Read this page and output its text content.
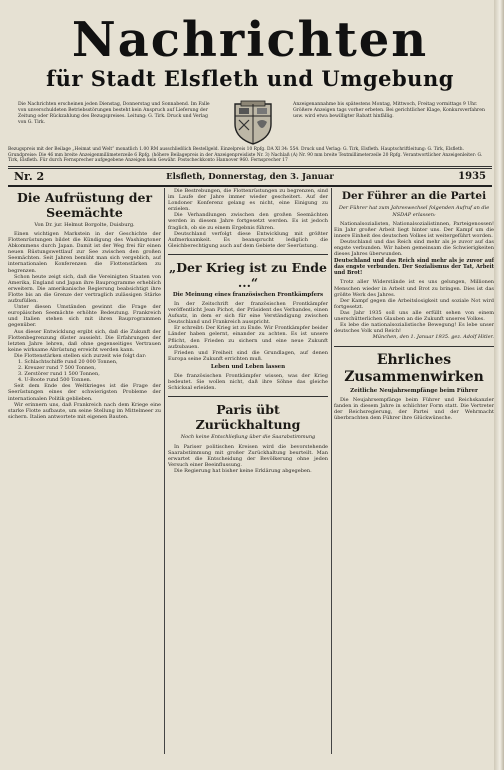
Nachrichten
für Stadt Elsfleth und Umgebung
Die Nachrichten erscheinen jeden Dienstag, Donnerstag und Sonnabend. Im Falle von unverschuldeten Betriebsstörungen besteht kein Anspruch auf Lieferung der Zeitung oder Rückzahlung des Bezugspreises. Leitung: G. Tirk. Druck und Verlag von G. Tirk.
Anzeigenannahme bis spätestens Montag, Mittwoch, Freitag vormittags 9 Uhr. Größere Anzeigen tags vorher erbeten. Bei gerichtlicher Klage, Konkursverfahren usw. wird etwa bewilligter Rabatt hinfällig.
Bezugspreis mit der Beilage „Heimat und Welt“ monatlich 1.00 RM ausschließlich Bestellgeld. Einzelpreis 10 Rpfg. DA XI 34: 554. Druck und Verlag: G. Tirk, Elsfleth. Hauptschriftleitung: G. Tirk, Elsfleth. Grundpreise: Die 46 mm breite Anzeigenmillimeterzeile 6 Rpfg. (höhere Beilagepreis in der Anzeigenpreisliste Nr. 3) Nachlaß (A) Nr. 90 mm breite Textmillimeterzeile 20 Rpfg. Verantwortlicher Anzeigenleiter: G. Tirk, Elsfleth. Für durch Fernsprecher aufgegebene Anzeigen kein Gewähr. Postscheckkonto Hannover 960. Fernsprecher 17
Nr. 2	Elsfleth, Donnerstag, den 3. Januar	1935
Die Aufrüstung der Seemächte
Von Dr. jur. Helmut Borgolte, Duisburg.

Einen wichtigen Markstein in der Geschichte der Flottenrüstungen bildet die Kündigung des Washingtoner Abkommens durch Japan. Damit ist der Weg frei für einen neuen Rüstungswettlauf zur See zwischen den großen Seemächten. Seit Jahren bemüht man sich vergeblich, auf internationalen Konferenzen die Flottenstärken zu begrenzen.

Schon heute zeigt sich, daß die Vereinigten Staaten von Amerika, England und Japan ihre Bauprogramme erheblich erweitern. Die amerikanische Regierung beabsichtigt ihre Flotte bis an die Grenze der vertraglich zulässigen Stärke aufzufüllen.

Unter diesen Umständen gewinnt die Frage der europäischen Seemächte erhöhte Bedeutung. Frankreich und Italien stehen sich mit ihren Bauprogrammen gegenüber.

Aus dieser Entwicklung ergibt sich, daß die Zukunft der Flottenbegrenzung düster aussieht. Die Erfahrungen der letzten Jahre lehren, daß ohne gegenseitiges Vertrauen keine wirksame Abrüstung erreicht werden kann.

Die Flottenstärken stellen sich zurzeit wie folgt dar:

1. Schlachtschiffe rund 20 000 Tonnen,

2. Kreuzer rund 7 500 Tonnen,

3. Zerstörer rund 1 500 Tonnen,

4. U-Boote rund 500 Tonnen.

Seit dem Ende des Weltkrieges ist die Frage der Seerüstungen eines der schwierigsten Probleme der internationalen Politik geblieben.

Wir erinnern uns, daß Frankreich nach dem Kriege eine starke Flotte aufbaute, um seine Stellung im Mittelmeer zu sichern. Italien antwortete mit eigenen Bauten.

Die Bestrebungen, die Flottenrüstungen zu begrenzen, sind im Laufe der Jahre immer wieder gescheitert. Auf der Londoner Konferenz gelang es nicht, eine Einigung zu erzielen.

Die Verhandlungen zwischen den großen Seemächten werden in diesem Jahre fortgesetzt werden. Es ist jedoch fraglich, ob sie zu einem Ergebnis führen.

Deutschland verfolgt diese Entwicklung mit größter Aufmerksamkeit. Es beansprucht lediglich die Gleichberechtigung auch auf dem Gebiete der Seerüstung.

„Der Krieg ist zu Ende ...“
Die Meinung eines französischen Frontkämpfers

In der Zeitschrift der französischen Frontkämpfer veröffentlicht Jean Pichot, der Präsident des Verbandes, einen Aufsatz, in dem er sich für eine Verständigung zwischen Deutschland und Frankreich ausspricht.

Er schreibt: Der Krieg ist zu Ende. Wir Frontkämpfer beider Länder haben gelernt, einander zu achten. Es ist unsere Pflicht, den Frieden zu sichern und eine neue Zukunft aufzubauen.

Frieden und Freiheit sind die Grundlagen, auf denen Europa seine Zukunft errichten muß.

Leben und Leben lassen

Die französischen Frontkämpfer wissen, was der Krieg bedeutet. Sie wollen nicht, daß ihre Söhne das gleiche Schicksal erleiden.

Paris übt Zurückhaltung
Noch keine Entschließung über die Saarabstimmung

In Pariser politischen Kreisen wird die bevorstehende Saarabstimmung mit großer Zurückhaltung beurteilt. Man erwartet die Entscheidung der Bevölkerung ohne jeden Versuch einer Beeinflussung.

Die Regierung hat bisher keine Erklärung abgegeben.

Der Führer an die Partei
Der Führer hat zum Jahreswechsel folgenden Aufruf an die NSDAP erlassen:

Nationalsozialisten, Nationalsozialistinnen, Parteigenossen! Ein Jahr großer Arbeit liegt hinter uns. Der Kampf um die innere Einheit des deutschen Volkes ist weitergeführt worden.

Deutschland und das Reich sind mehr als je zuvor auf das engste verbunden. Wir haben gemeinsam die Schwierigkeiten dieses Jahres überwunden.

Deutschland und das Reich sind mehr als je zuvor auf das engste verbunden. Der Sozialismus der Tat, Arbeit und Brot!

Trotz aller Widerstände ist es uns gelungen, Millionen Menschen wieder in Arbeit und Brot zu bringen. Dies ist das größte Werk des Jahres.

Der Kampf gegen die Arbeitslosigkeit und soziale Not wird fortgesetzt.

Das Jahr 1935 soll uns alle erfüllt sehen von einem unerschütterlichen Glauben an die Zukunft unseres Volkes.

Es lebe die nationalsozialistische Bewegung! Es lebe unser deutsches Volk und Reich!

München, den 1. Januar 1935. gez. Adolf Hitler.
Ehrliches Zusammenwirken
Zeitliche Neujahrsempfänge beim Führer

Die Neujahrsempfänge beim Führer und Reichskanzler fanden in diesem Jahre in schlichter Form statt. Die Vertreter der Reichsregierung, der Partei und der Wehrmacht überbrachten dem Führer ihre Glückwünsche.
